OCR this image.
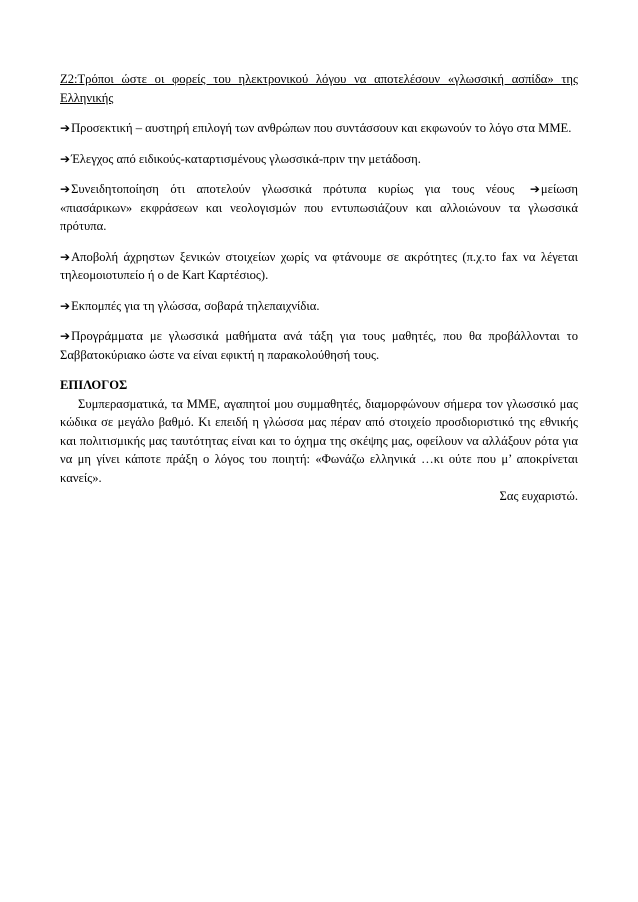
Ζ2:Τρόποι ώστε οι φορείς του ηλεκτρονικού λόγου να αποτελέσουν «γλωσσική ασπίδα» της Ελληνικής

➔Προσεκτική – αυστηρή επιλογή των ανθρώπων που συντάσσουν και εκφωνούν το λόγο στα ΜΜΕ.

➔Έλεγχος από ειδικούς-καταρτισμένους γλωσσικά-πριν την μετάδοση.

➔Συνειδητοποίηση ότι αποτελούν γλωσσικά πρότυπα κυρίως για τους νέους ➔μείωση «πιασάρικων» εκφράσεων και νεολογισμών που εντυπωσιάζουν και αλλοιώνουν τα γλωσσικά πρότυπα.

➔Αποβολή άχρηστων ξενικών στοιχείων χωρίς να φτάνουμε σε ακρότητες (π.χ.το fax να λέγεται τηλεομοιοτυπείο ή ο de Kart Καρτέσιος).

➔Εκπομπές για τη γλώσσα, σοβαρά τηλεπαιχνίδια.

➔Προγράμματα με γλωσσικά μαθήματα ανά τάξη για τους μαθητές, που θα προβάλλονται το Σαββατοκύριακο ώστε να είναι εφικτή η παρακολούθησή τους.

ΕΠΙΛΟΓΟΣ

Συμπερασματικά, τα ΜΜΕ, αγαπητοί μου συμμαθητές, διαμορφώνουν σήμερα τον γλωσσικό μας κώδικα σε μεγάλο βαθμό. Κι επειδή η γλώσσα μας πέραν από στοιχείο προσδιοριστικό της εθνικής και πολιτισμικής μας ταυτότητας είναι και το όχημα της σκέψης μας, οφείλουν να αλλάξουν ρότα για να μη γίνει κάποτε πράξη ο λόγος του ποιητή: «Φωνάζω ελληνικά …κι ούτε που μ’ αποκρίνεται κανείς».

Σας ευχαριστώ.
